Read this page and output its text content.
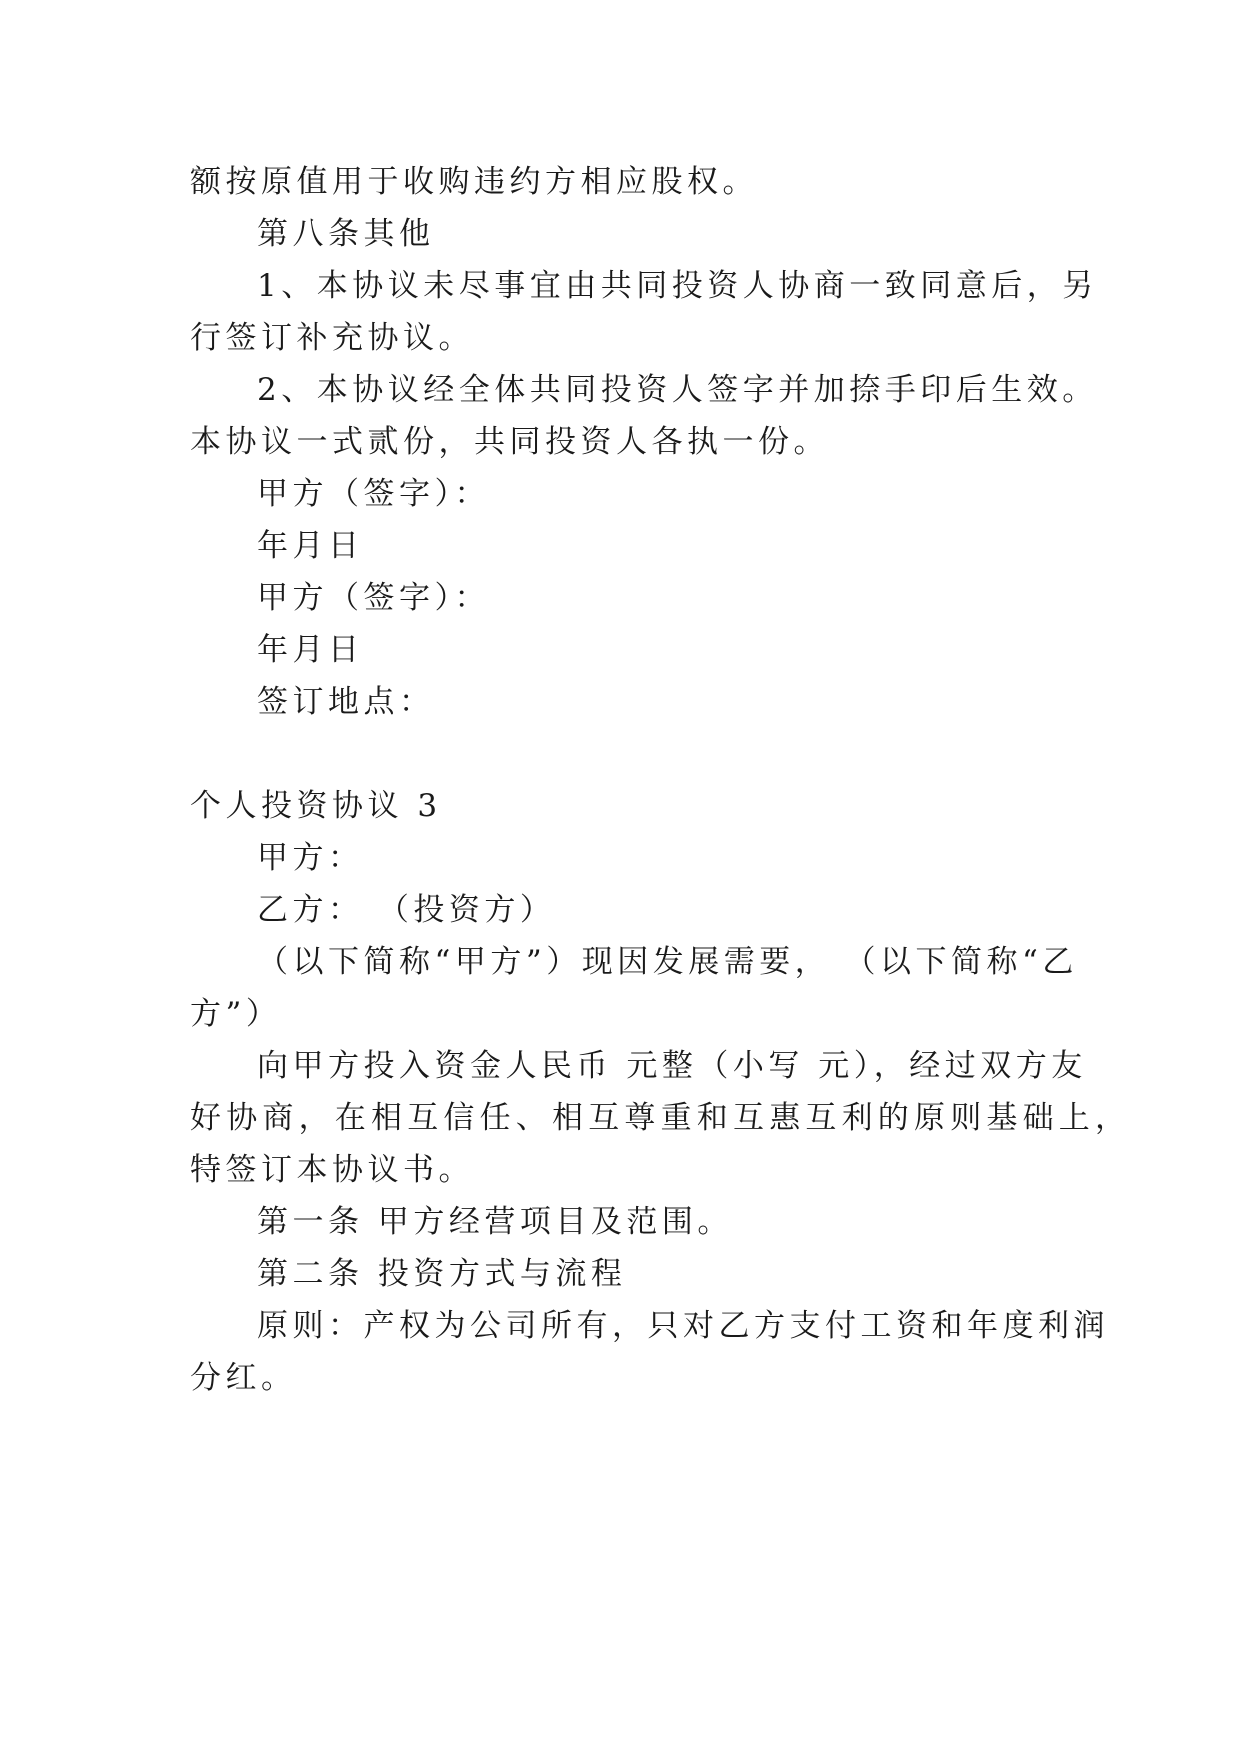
额按原值用于收购违约方相应股权。
第八条其他
1、本协议未尽事宜由共同投资人协商一致同意后，另
行签订补充协议。
2、本协议经全体共同投资人签字并加捺手印后生效。
本协议一式贰份，共同投资人各执一份。
甲方（签字）：
年月日
甲方（签字）：
年月日
签订地点：
个人投资协议 3
甲方：
乙方： （投资方）
（以下简称“甲方”）现因发展需要， （以下简称“乙
方”）
向甲方投入资金人民币 元整（小写 元），经过双方友
好协商，在相互信任、相互尊重和互惠互利的原则基础上，
特签订本协议书。
第一条 甲方经营项目及范围。
第二条 投资方式与流程
原则：产权为公司所有，只对乙方支付工资和年度利润
分红。
